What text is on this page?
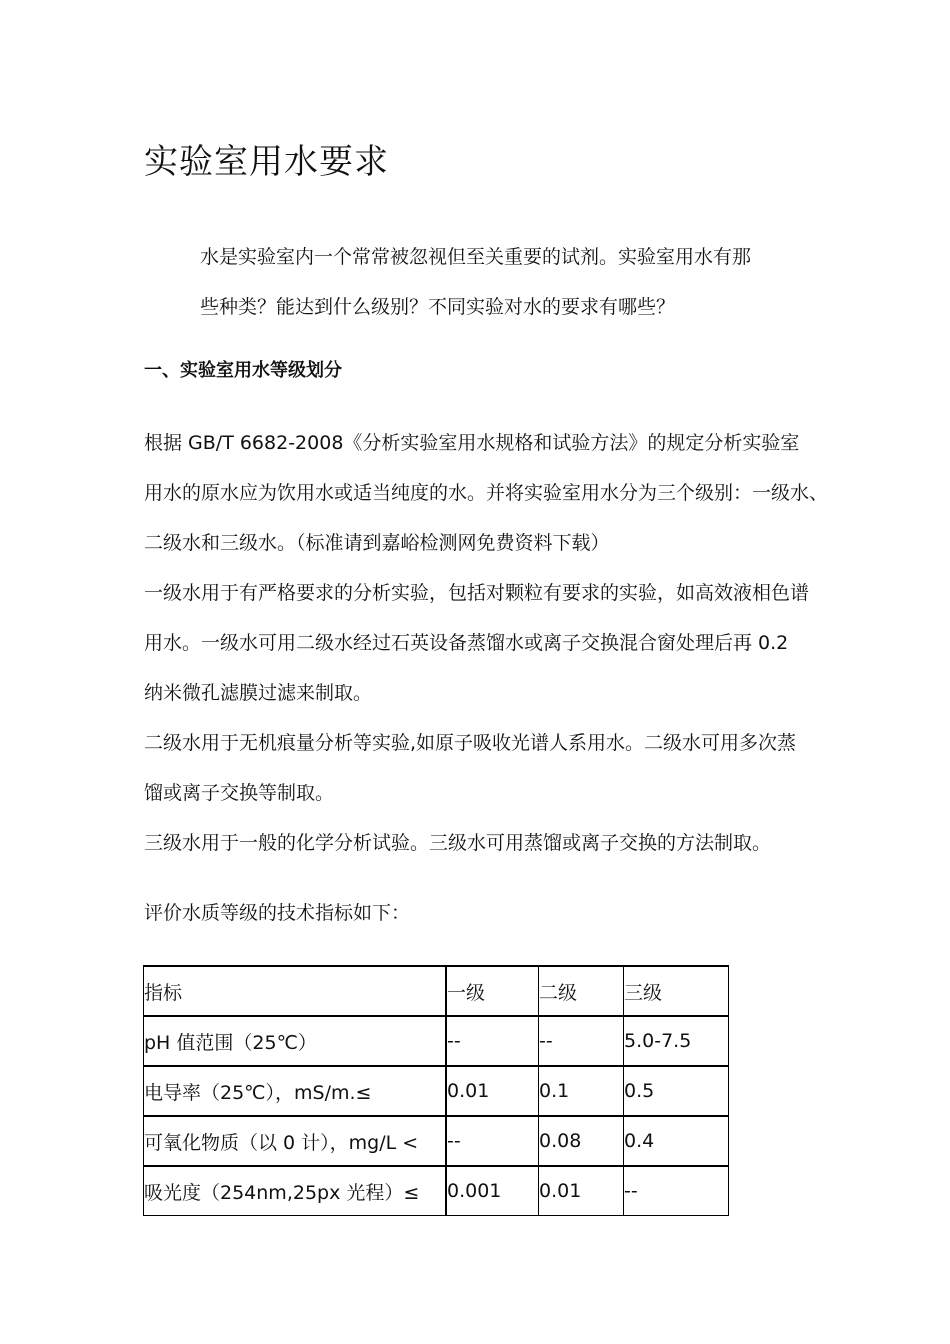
实验室用水要求
水是实验室内一个常常被忽视但至关重要的试剂。实验室用水有那
些种类？能达到什么级别？不同实验对水的要求有哪些？
一、实验室用水等级划分

根据 GB/T 6682-2008《分析实验室用水规格和试验方法》的规定分析实验室
用水的原水应为饮用水或适当纯度的水。并将实验室用水分为三个级别：一级水、
二级水和三级水。（标准请到嘉峪检测网免费资料下载）

一级水用于有严格要求的分析实验，包括对颗粒有要求的实验，如高效液相色谱
用水。一级水可用二级水经过石英设备蒸馏水或离子交换混合窗处理后再 0.2
纳米微孔滤膜过滤来制取。

二级水用于无机痕量分析等实验,如原子吸收光谱人系用水。二级水可用多次蒸
馏或离子交换等制取。

三级水用于一般的化学分析试验。三级水可用蒸馏或离子交换的方法制取。

评价水质等级的技术指标如下：

指标	一级	二级	三级
pH 值范围（25℃）	--	--	5.0-7.5
电导率（25℃），mS/m.≤	0.01	0.1	0.5
可氧化物质（以 0 计），mg/L <	--	0.08	0.4
吸光度（254nm,25px 光程）≤	0.001	0.01	--
